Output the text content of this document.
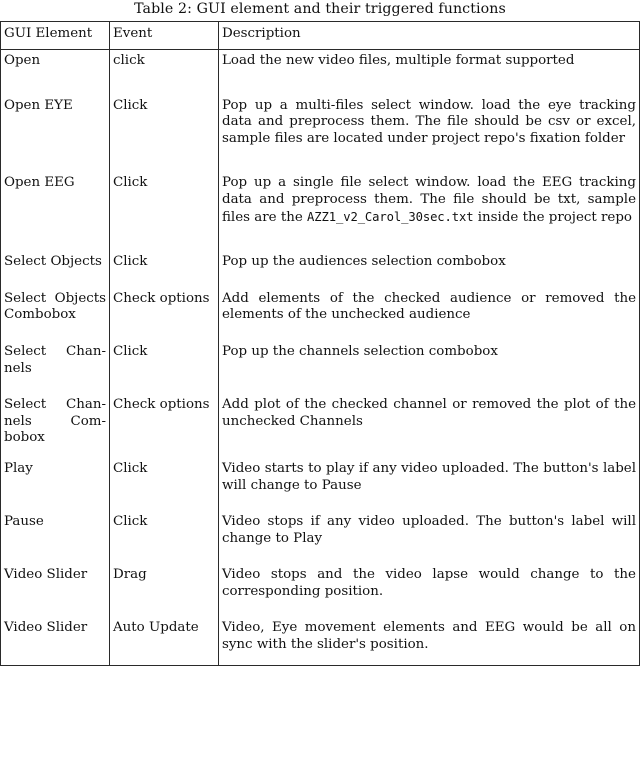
Table 2: GUI element and their triggered functions
GUI Element	Event	Description

Open	click	Load the new video files, multiple format supported

Open EYE	Click	Pop up a multi-files select window. load the eye tracking data and preprocess them. The file should be csv or excel, sample files are located under project repo's fixation folder

Open EEG	Click	Pop up a single file select window. load the EEG tracking data and preprocess them. The file should be txt, sample files are the AZZ1_v2_Carol_30sec.txt inside the project repo

Select Objects	Click	Pop up the audiences selection combobox

Select Objects Combobox	Check options	Add elements of the checked audience or removed the elements of the unchecked audience

Select Channels	Click	Pop up the channels selection combobox

Select Channels Combobox	Check options	Add plot of the checked channel or removed the plot of the unchecked Channels

Play	Click	Video starts to play if any video uploaded. The button's label will change to Pause

Pause	Click	Video stops if any video uploaded. The button's label will change to Play

Video Slider	Drag	Video stops and the video lapse would change to the corresponding position.

Video Slider	Auto Update	Video, Eye movement elements and EEG would be all on sync with the slider's position.
